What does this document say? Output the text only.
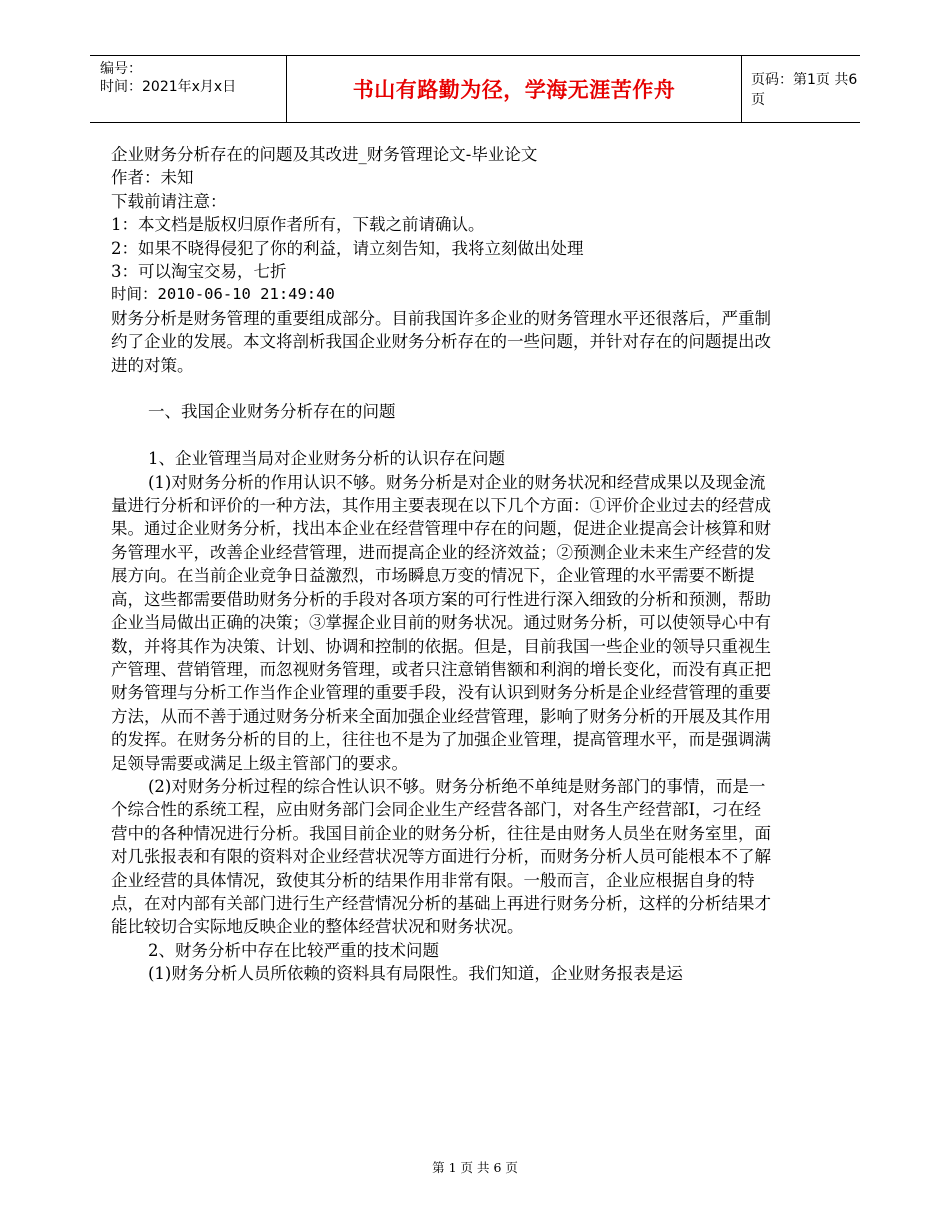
编号：
时间：2021年x月x日	书山有路勤为径，学海无涯苦作舟	页码：第1页 共6页

企业财务分析存在的问题及其改进_财务管理论文-毕业论文

作者：未知

下载前请注意：

1：本文档是版权归原作者所有，下载之前请确认。

2：如果不晓得侵犯了你的利益，请立刻告知，我将立刻做出处理

3：可以淘宝交易，七折

时间：2010-06-10 21:49:40

财务分析是财务管理的重要组成部分。目前我国许多企业的财务管理水平还很落后，严重制约了企业的发展。本文将剖析我国企业财务分析存在的一些问题，并针对存在的问题提出改进的对策。

一、我国企业财务分析存在的问题

1、企业管理当局对企业财务分析的认识存在问题

(1)对财务分析的作用认识不够。财务分析是对企业的财务状况和经营成果以及现金流量进行分析和评价的一种方法，其作用主要表现在以下几个方面：①评价企业过去的经营成果。通过企业财务分析，找出本企业在经营管理中存在的问题，促进企业提高会计核算和财务管理水平，改善企业经营管理，进而提高企业的经济效益；②预测企业未来生产经营的发展方向。在当前企业竞争日益激烈，市场瞬息万变的情况下，企业管理的水平需要不断提高，这些都需要借助财务分析的手段对各项方案的可行性进行深入细致的分析和预测，帮助企业当局做出正确的决策；③掌握企业目前的财务状况。通过财务分析，可以使领导心中有数，并将其作为决策、计划、协调和控制的依据。但是，目前我国一些企业的领导只重视生产管理、营销管理，而忽视财务管理，或者只注意销售额和利润的增长变化，而没有真正把财务管理与分析工作当作企业管理的重要手段，没有认识到财务分析是企业经营管理的重要方法，从而不善于通过财务分析来全面加强企业经营管理，影响了财务分析的开展及其作用的发挥。在财务分析的目的上，往往也不是为了加强企业管理，提高管理水平，而是强调满足领导需要或满足上级主管部门的要求。

(2)对财务分析过程的综合性认识不够。财务分析绝不单纯是财务部门的事情，而是一个综合性的系统工程，应由财务部门会同企业生产经营各部门，对各生产经营部I，刁在经营中的各种情况进行分析。我国目前企业的财务分析，往往是由财务人员坐在财务室里，面对几张报表和有限的资料对企业经营状况等方面进行分析，而财务分析人员可能根本不了解企业经营的具体情况，致使其分析的结果作用非常有限。一般而言，企业应根据自身的特点，在对内部有关部门进行生产经营情况分析的基础上再进行财务分析，这样的分析结果才能比较切合实际地反映企业的整体经营状况和财务状况。

2、财务分析中存在比较严重的技术问题

(1)财务分析人员所依赖的资料具有局限性。我们知道，企业财务报表是运

第 1 页 共 6 页
